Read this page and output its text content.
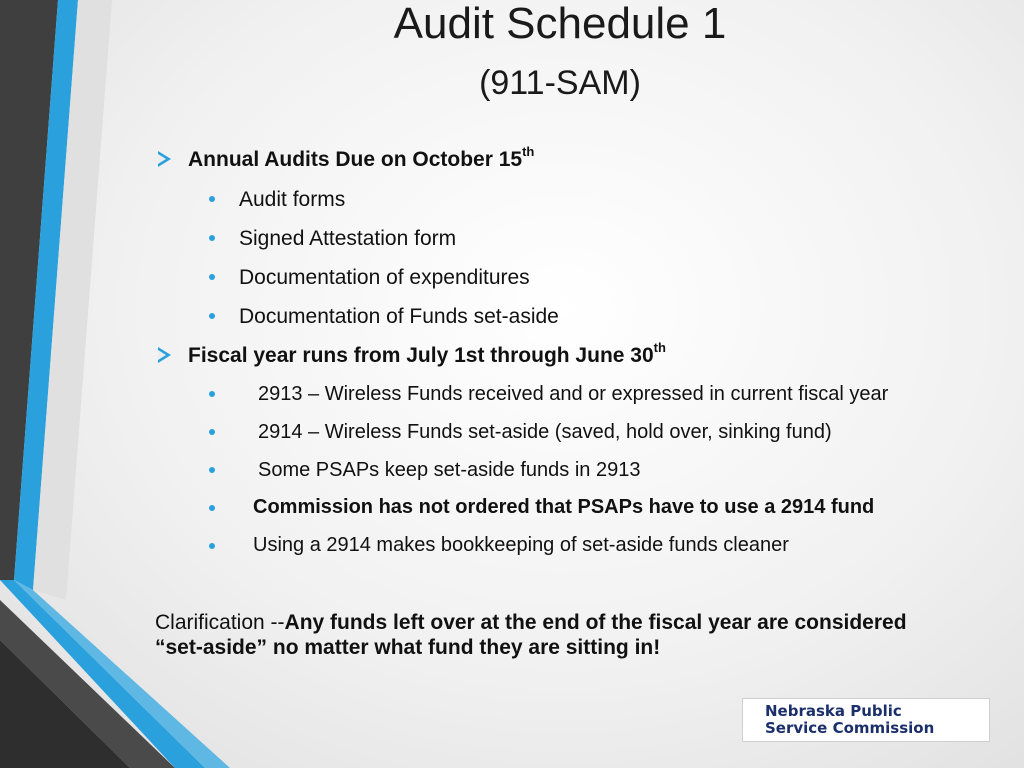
Audit Schedule 1
(911-SAM)
Annual Audits Due on October 15th
Audit forms
Signed Attestation form
Documentation of expenditures
Documentation of Funds set-aside
Fiscal year runs from July 1st through June 30th
2913 – Wireless Funds received and or expressed in current fiscal year
2914 – Wireless Funds set-aside (saved, hold over, sinking fund)
Some PSAPs keep set-aside funds in 2913
Commission has not ordered that PSAPs have to use a 2914 fund
Using a 2914 makes bookkeeping of set-aside funds cleaner
Clarification --Any funds left over at the end of the fiscal year are considered “set-aside” no matter what fund they are sitting in!
Nebraska Public
Service Commission
